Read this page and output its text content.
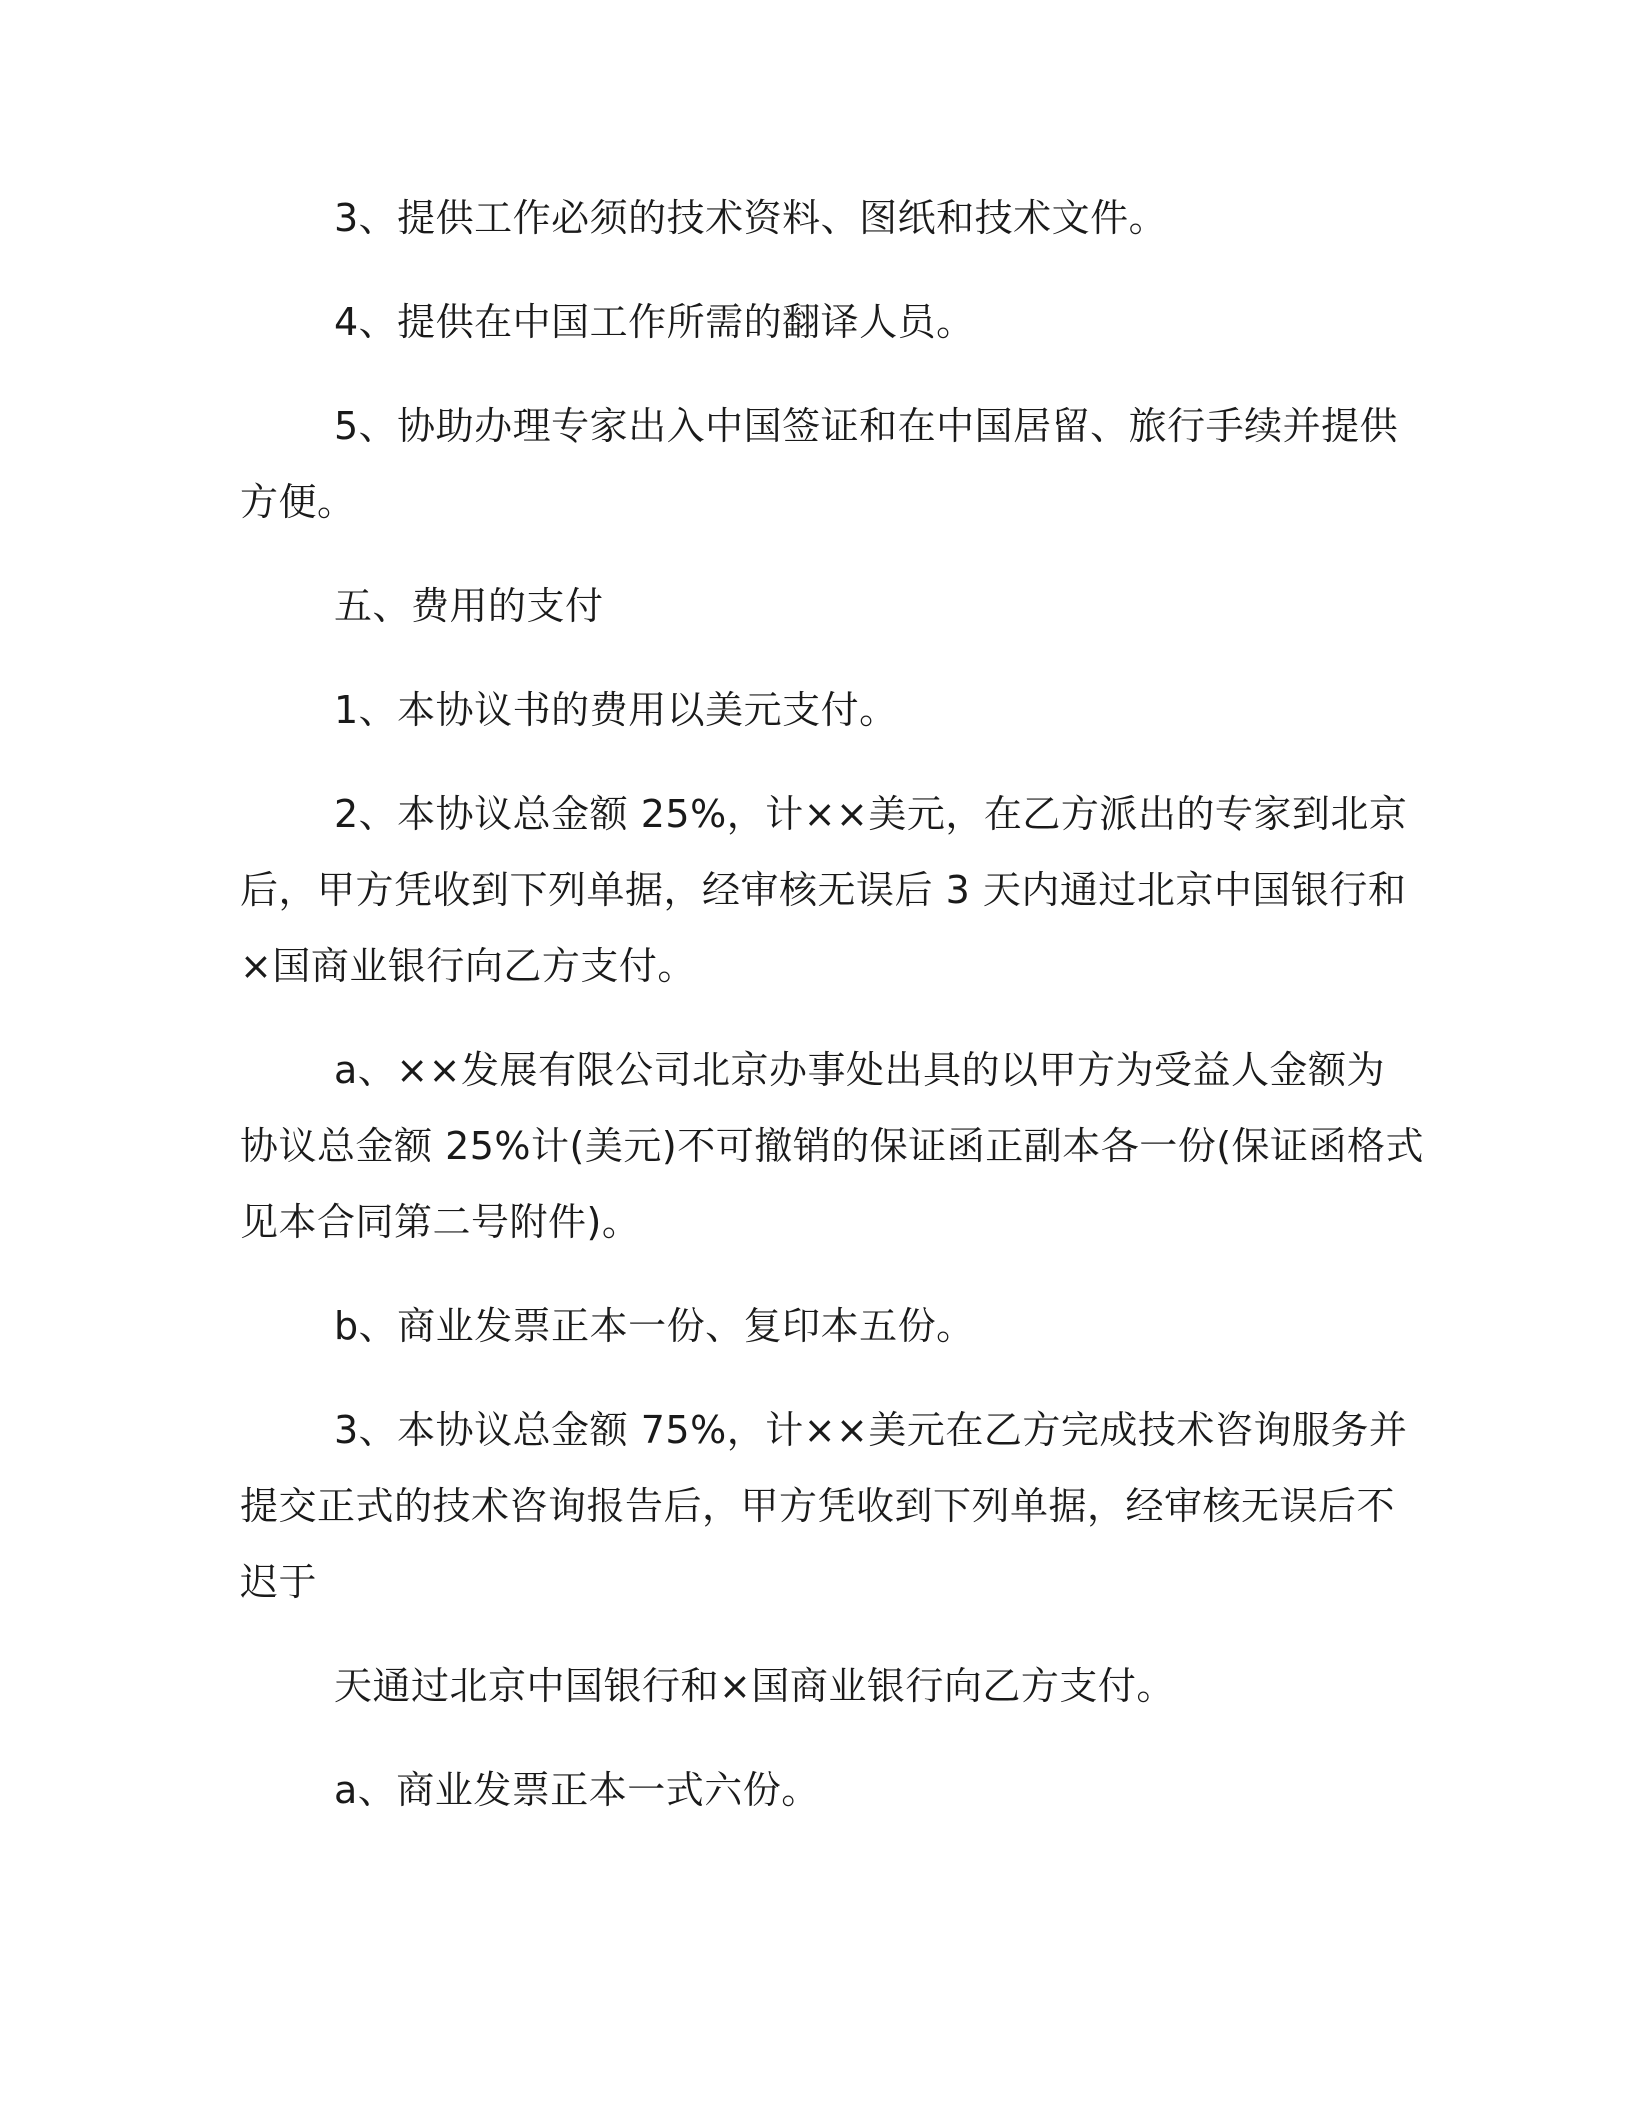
3、提供工作必须的技术资料、图纸和技术文件。
4、提供在中国工作所需的翻译人员。
5、协助办理专家出入中国签证和在中国居留、旅行手续并提供
方便。
五、费用的支付
1、本协议书的费用以美元支付。
2、本协议总金额 25%，计××美元，在乙方派出的专家到北京
后，甲方凭收到下列单据，经审核无误后 3 天内通过北京中国银行和
×国商业银行向乙方支付。
a、××发展有限公司北京办事处出具的以甲方为受益人金额为
协议总金额 25%计(美元)不可撤销的保证函正副本各一份(保证函格式
见本合同第二号附件)。
b、商业发票正本一份、复印本五份。
3、本协议总金额 75%，计××美元在乙方完成技术咨询服务并
提交正式的技术咨询报告后，甲方凭收到下列单据，经审核无误后不
迟于
天通过北京中国银行和×国商业银行向乙方支付。
a、商业发票正本一式六份。
